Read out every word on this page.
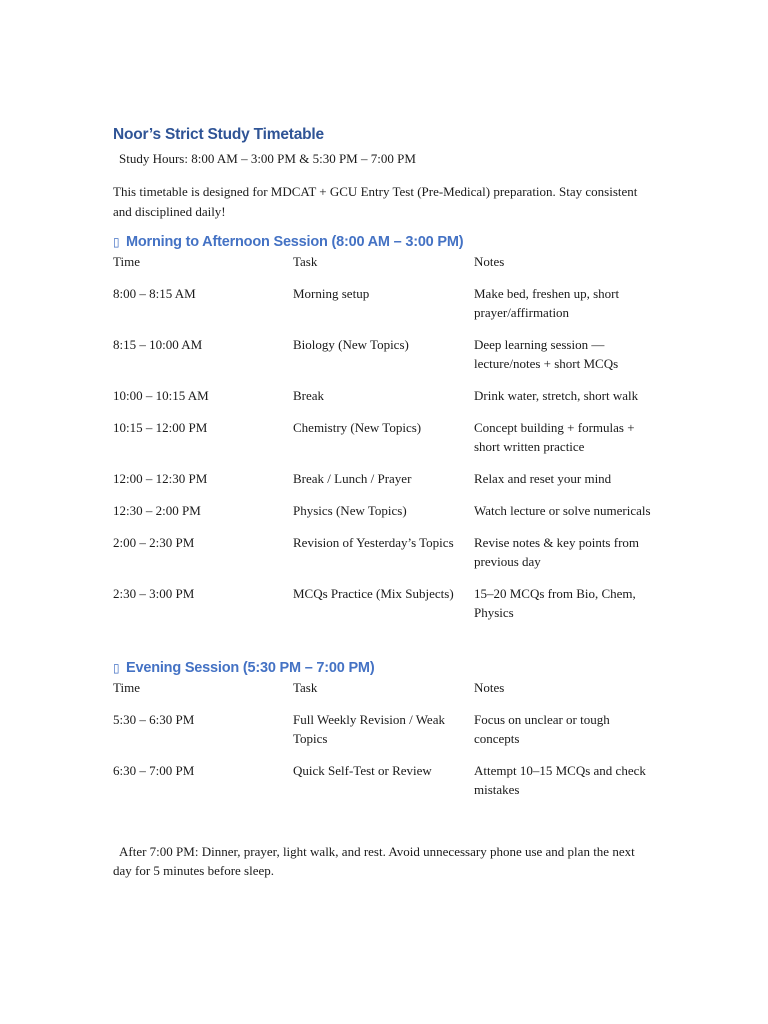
Noor’s Strict Study Timetable

Study Hours: 8:00 AM – 3:00 PM & 5:30 PM – 7:00 PM

This timetable is designed for MDCAT + GCU Entry Test (Pre-Medical) preparation. Stay consistent and disciplined daily!

▯ Morning to Afternoon Session (8:00 AM – 3:00 PM)
Time	Task	Notes
8:00 – 8:15 AM	Morning setup	Make bed, freshen up, short prayer/affirmation
8:15 – 10:00 AM	Biology (New Topics)	Deep learning session — lecture/notes + short MCQs
10:00 – 10:15 AM	Break	Drink water, stretch, short walk
10:15 – 12:00 PM	Chemistry (New Topics)	Concept building + formulas + short written practice
12:00 – 12:30 PM	Break / Lunch / Prayer	Relax and reset your mind
12:30 – 2:00 PM	Physics (New Topics)	Watch lecture or solve numericals
2:00 – 2:30 PM	Revision of Yesterday’s Topics	Revise notes & key points from previous day
2:30 – 3:00 PM	MCQs Practice (Mix Subjects)	15–20 MCQs from Bio, Chem, Physics
▯ Evening Session (5:30 PM – 7:00 PM)
Time	Task	Notes
5:30 – 6:30 PM	Full Weekly Revision / Weak Topics	Focus on unclear or tough concepts
6:30 – 7:00 PM	Quick Self-Test or Review	Attempt 10–15 MCQs and check mistakes

After 7:00 PM: Dinner, prayer, light walk, and rest. Avoid unnecessary phone use and plan the next day for 5 minutes before sleep.
